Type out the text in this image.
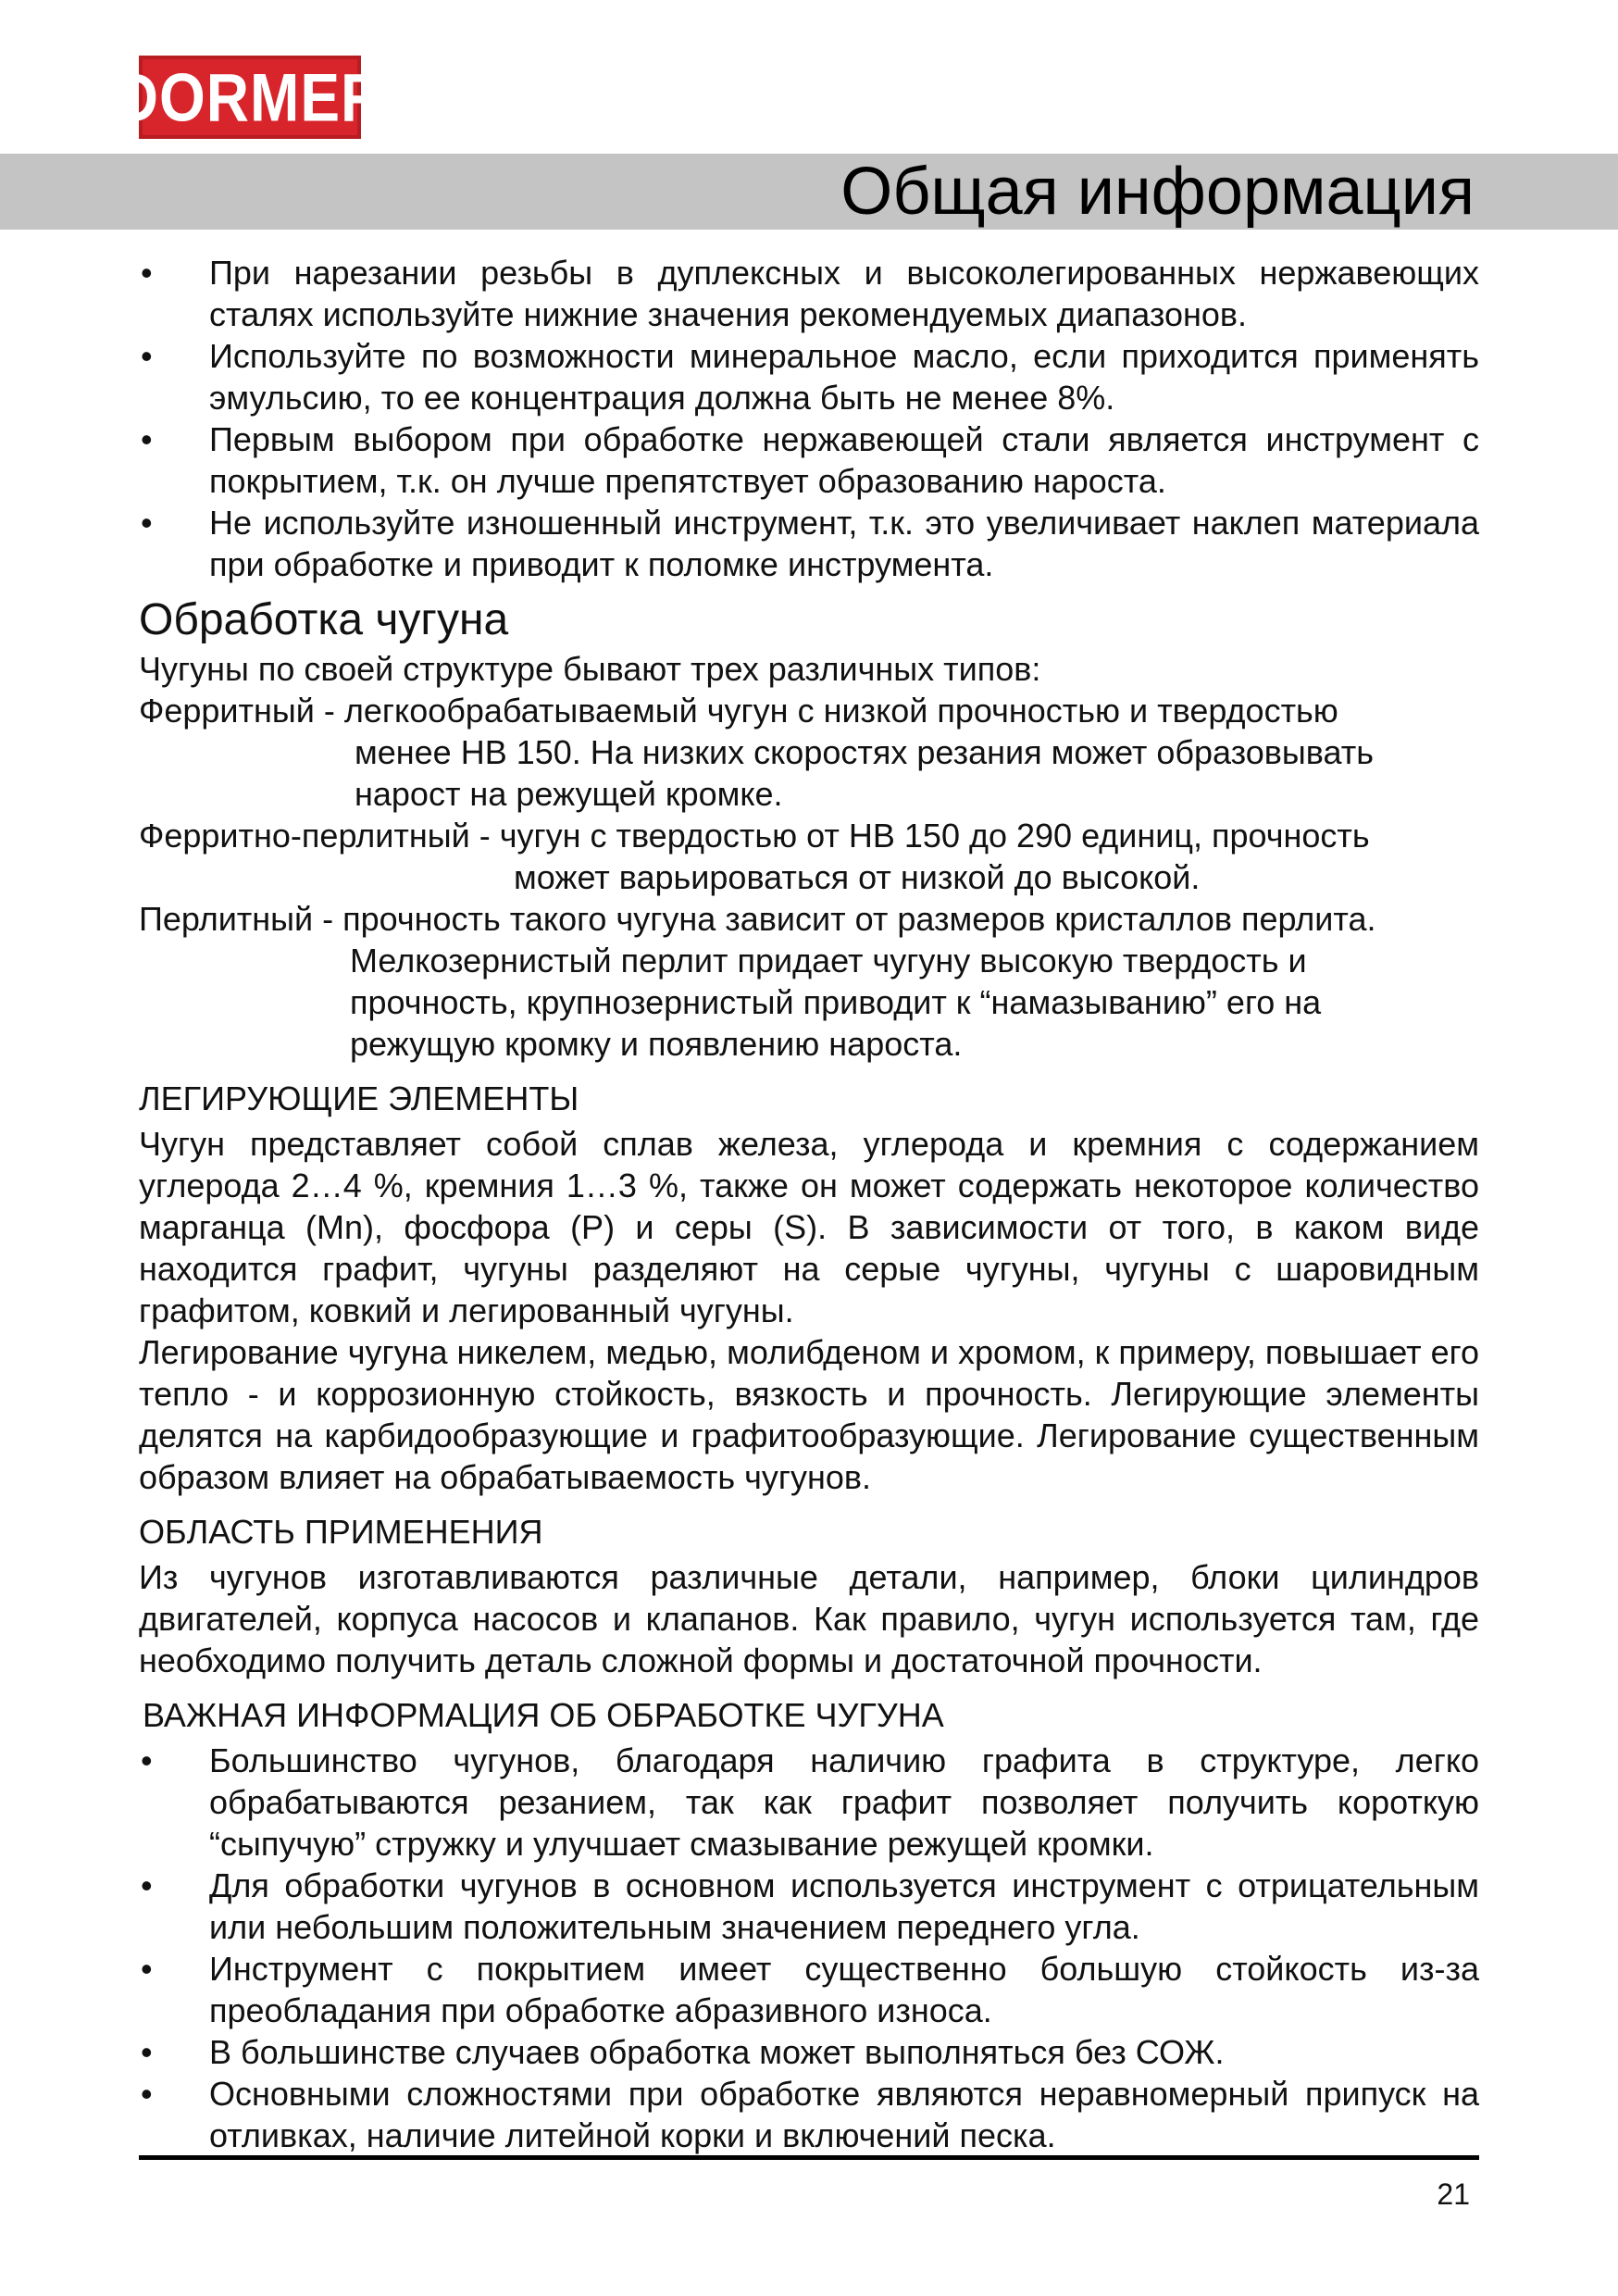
DORMER
Общая информация
•	При нарезании резьбы в дуплексных и высоколегированных нержавеющих сталях используйте нижние значения рекомендуемых диапазонов.
•	Используйте по возможности минеральное масло, если приходится применять эмульсию, то ее концентрация должна быть не менее 8%.
•	Первым выбором при обработке нержавеющей стали является инструмент с покрытием, т.к. он лучше препятствует образованию нароста.
•	Не используйте изношенный инструмент, т.к. это увеличивает наклеп материала при обработке и приводит к поломке инструмента.
Обработка чугуна

Чугуны по своей структуре бывают трех различных типов:

Ферритный - легкообрабатываемый чугун с низкой прочностью и твердостью
менее HB 150. На низких скоростях резания может образовывать
нарост на режущей кромке.
Ферритно-перлитный - чугун с твердостью от HB 150 до 290 единиц, прочность
может варьироваться от низкой до высокой.
Перлитный - прочность такого чугуна зависит от размеров кристаллов перлита.
Мелкозернистый перлит придает чугуну высокую твердость и
прочность, крупнозернистый приводит к “намазыванию” его на
режущую кромку и появлению нароста.
ЛЕГИРУЮЩИЕ ЭЛЕМЕНТЫ

Чугун представляет собой сплав железа, углерода и кремния с содержанием углерода 2…4 %, кремния 1…3 %, также он может содержать некоторое количество марганца (Mn), фосфора (P) и серы (S). В зависимости от того, в каком виде находится графит, чугуны разделяют на серые чугуны, чугуны с шаровидным графитом, ковкий и легированный чугуны.

Легирование чугуна никелем, медью, молибденом и хромом, к примеру, повышает его тепло - и коррозионную стойкость, вязкость и прочность. Легирующие элементы делятся на карбидообразующие и графитообразующие. Легирование существенным образом влияет на обрабатываемость чугунов.

ОБЛАСТЬ ПРИМЕНЕНИЯ

Из чугунов изготавливаются различные детали, например, блоки цилиндров двигателей, корпуса насосов и клапанов. Как правило, чугун используется там, где необходимо получить деталь сложной формы и достаточной прочности.

ВАЖНАЯ ИНФОРМАЦИЯ ОБ ОБРАБОТКЕ ЧУГУНА
•	Большинство чугунов, благодаря наличию графита в структуре, легко обрабатываются резанием, так как графит позволяет получить короткую “сыпучую” стружку и улучшает смазывание режущей кромки.
•	Для обработки чугунов в основном используется инструмент с отрицательным или небольшим положительным значением переднего угла.
•	Инструмент с покрытием имеет существенно большую стойкость из-за преобладания при обработке абразивного износа.
•	В большинстве случаев обработка может выполняться без СОЖ.
•	Основными сложностями при обработке являются неравномерный припуск на отливках, наличие литейной корки и включений песка.
21
